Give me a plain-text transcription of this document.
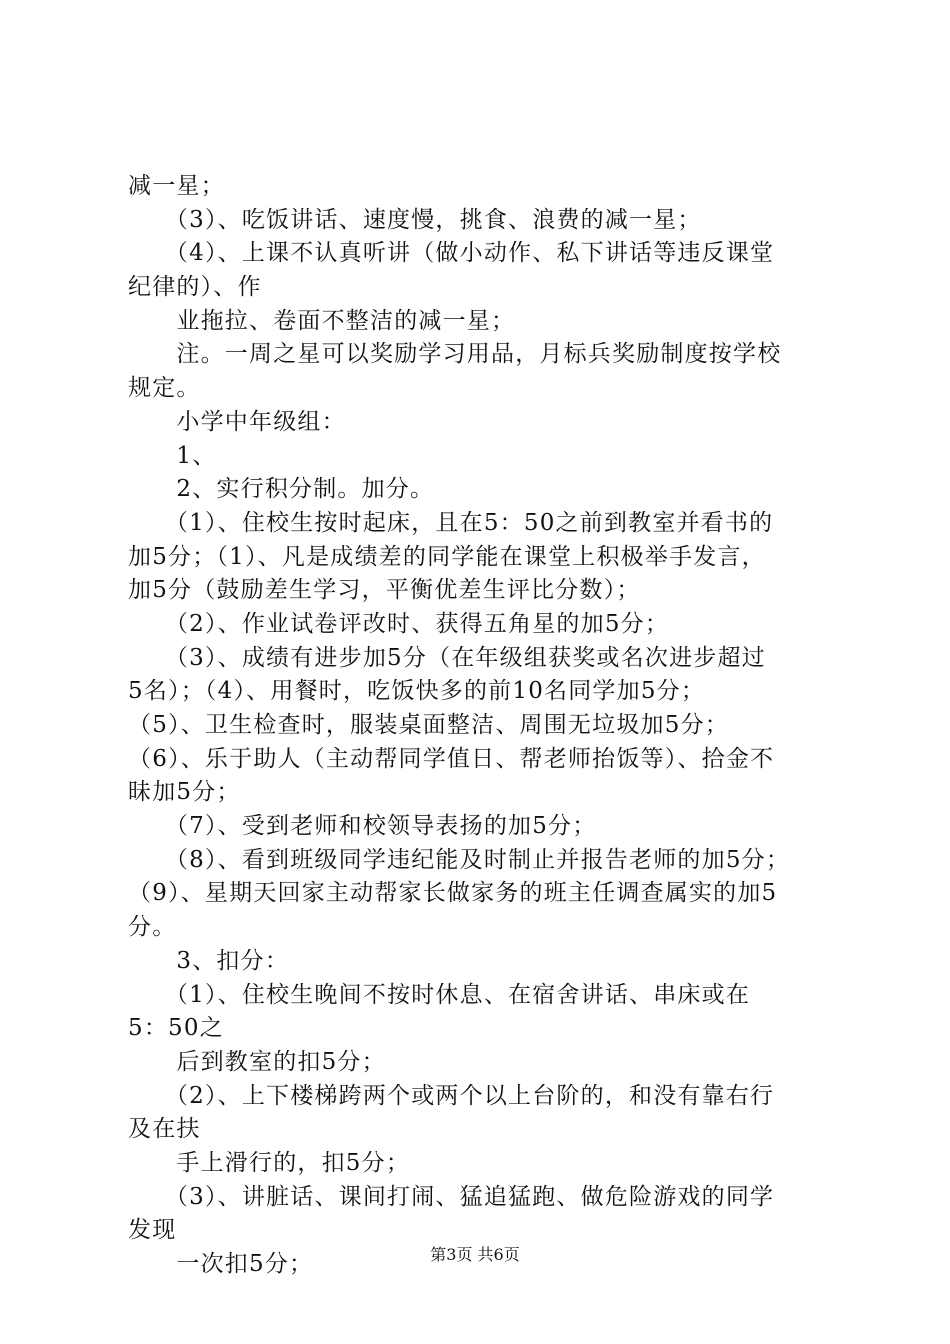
减一星；
　　（3）、吃饭讲话、速度慢，挑食、浪费的减一星；
　　（4）、上课不认真听讲（做小动作、私下讲话等违反课堂
纪律的）、作
　　业拖拉、卷面不整洁的减一星；
　　注。一周之星可以奖励学习用品，月标兵奖励制度按学校
规定。
　　小学中年级组：
　　1、
　　2、实行积分制。加分。
　　（1）、住校生按时起床，且在5：50之前到教室并看书的
加5分；（1）、凡是成绩差的同学能在课堂上积极举手发言，
加5分（鼓励差生学习，平衡优差生评比分数）；
　　（2）、作业试卷评改时、获得五角星的加5分；
　　（3）、成绩有进步加5分（在年级组获奖或名次进步超过
5名）；（4）、用餐时，吃饭快多的前10名同学加5分；
（5）、卫生检查时，服装桌面整洁、周围无垃圾加5分；
（6）、乐于助人（主动帮同学值日、帮老师抬饭等）、拾金不
昧加5分；
　　（7）、受到老师和校领导表扬的加5分；
　　（8）、看到班级同学违纪能及时制止并报告老师的加5分；
（9）、星期天回家主动帮家长做家务的班主任调查属实的加5
分。
　　3、扣分：
　　（1）、住校生晚间不按时休息、在宿舍讲话、串床或在
5：50之
　　后到教室的扣5分；
　　（2）、上下楼梯跨两个或两个以上台阶的，和没有靠右行
及在扶
　　手上滑行的，扣5分；
　　（3）、讲脏话、课间打闹、猛追猛跑、做危险游戏的同学
发现
　　一次扣5分；	第3页 共6页
